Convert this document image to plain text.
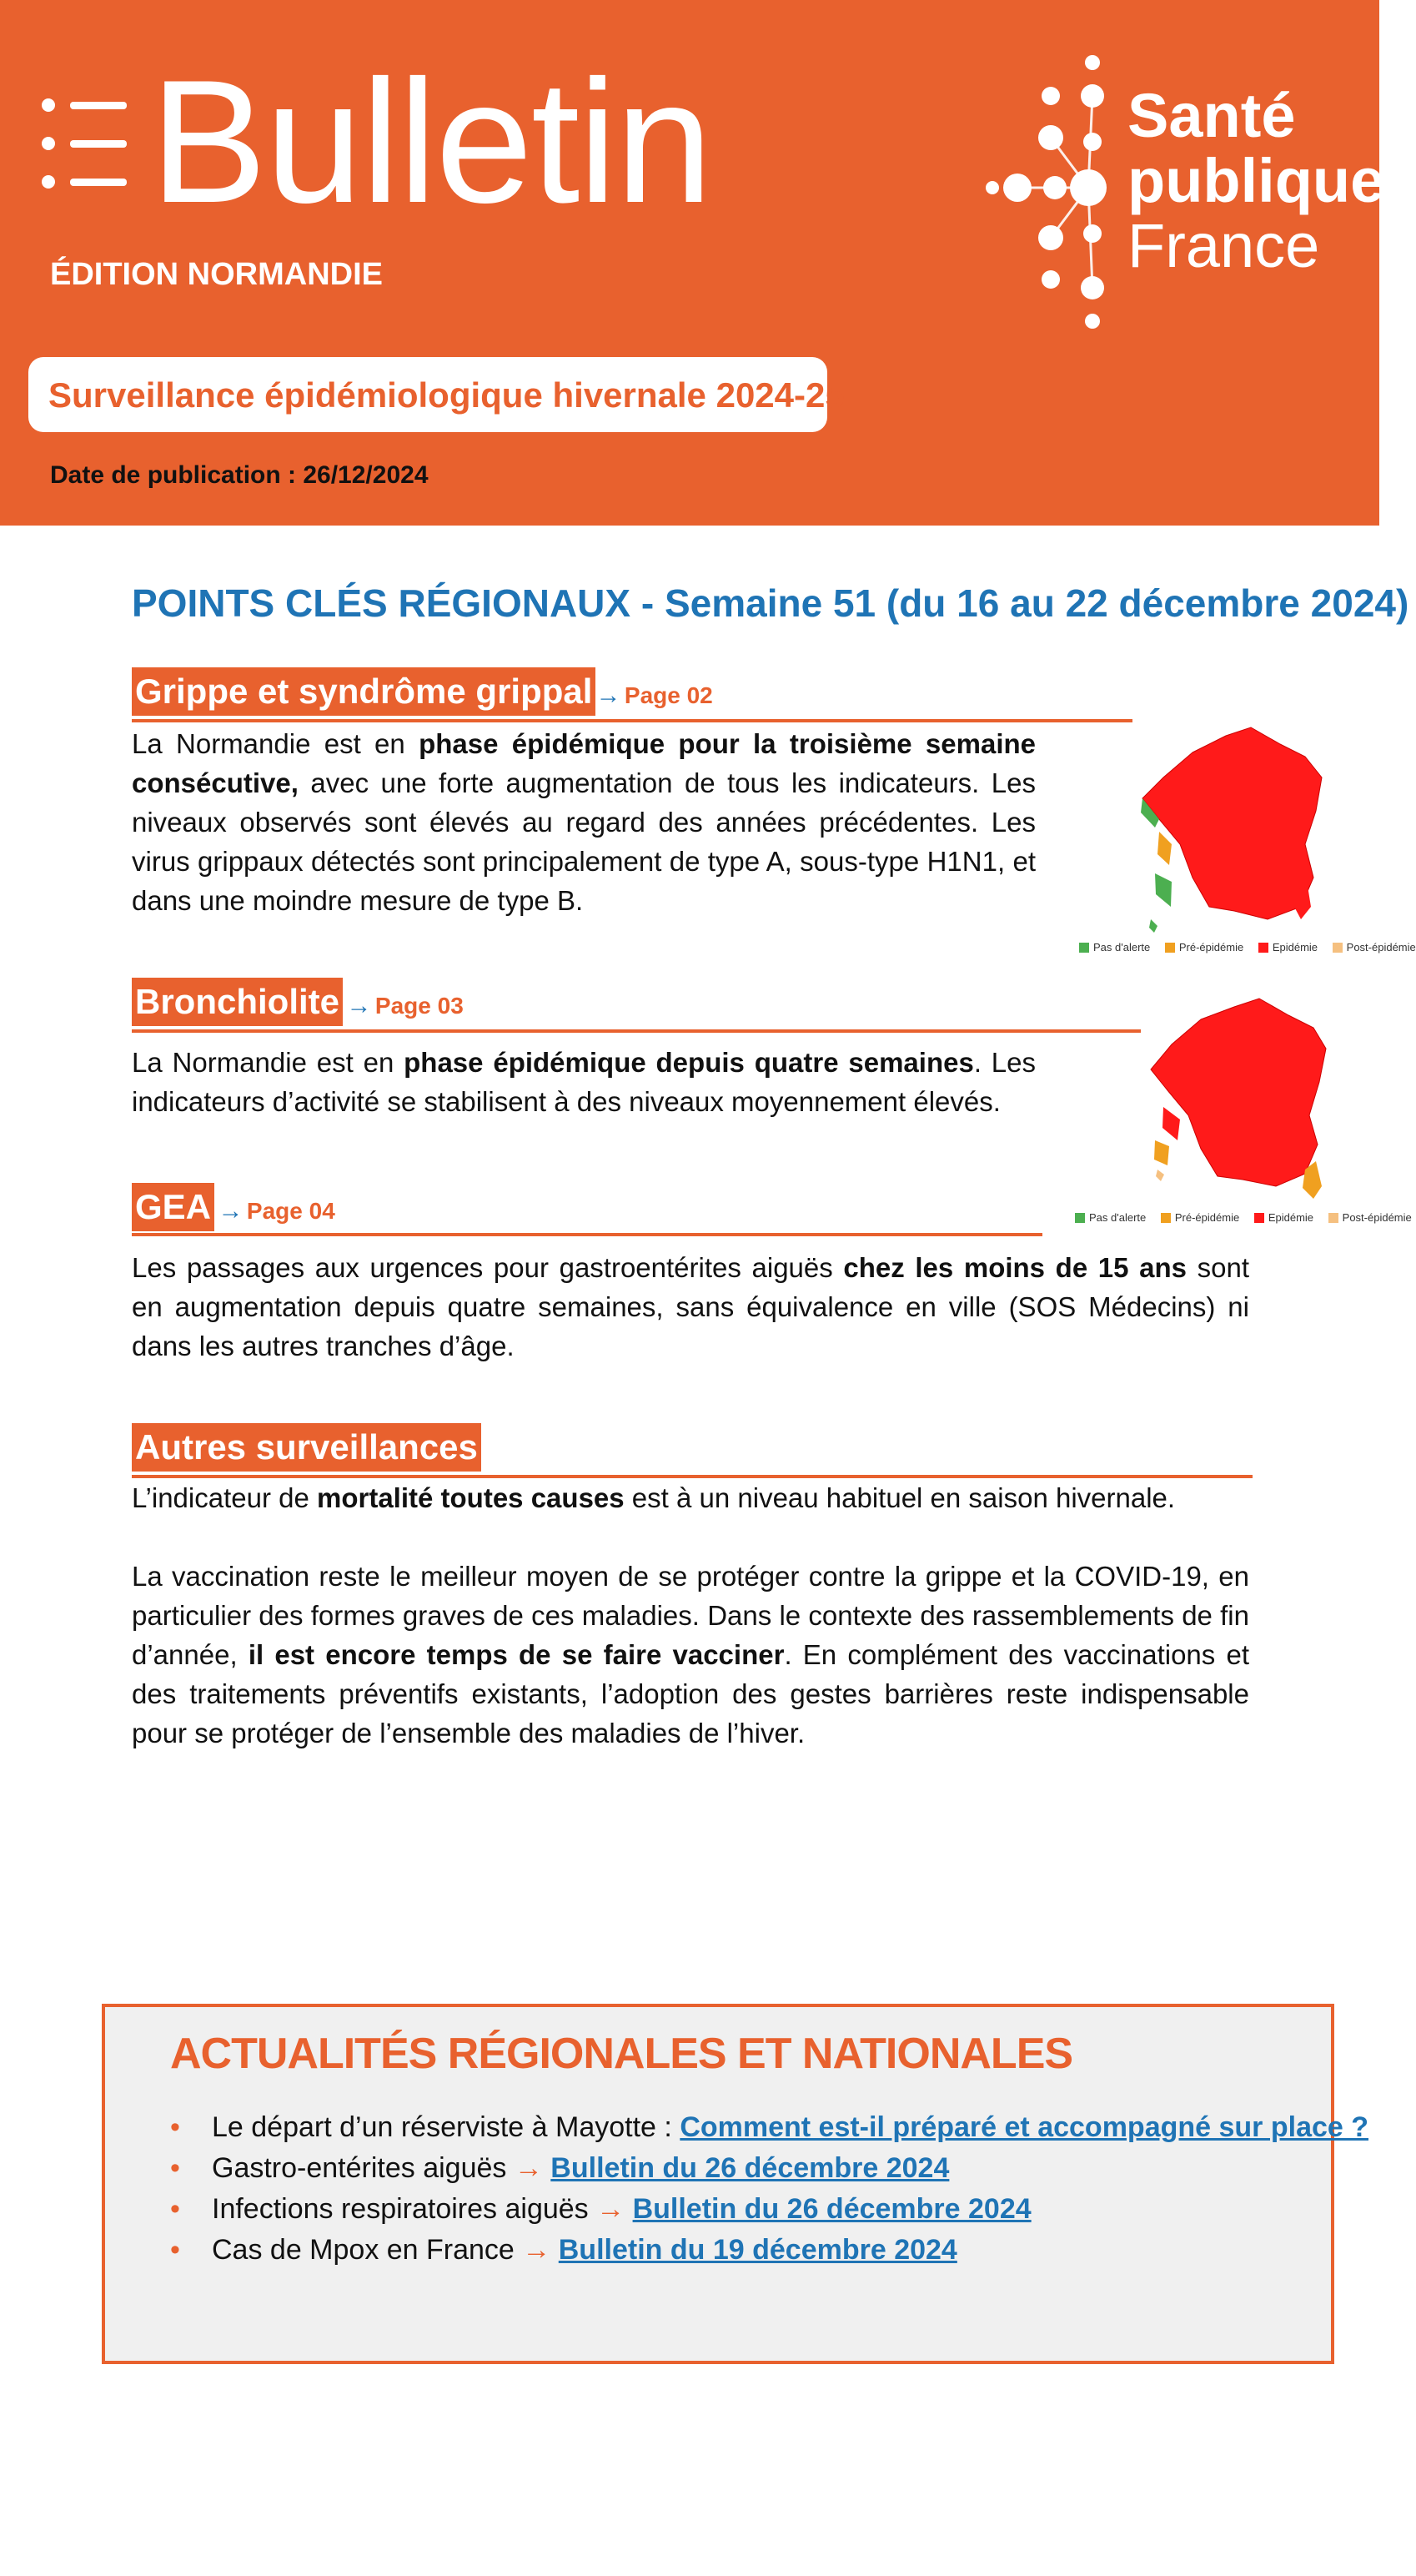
Bulletin
ÉDITION NORMANDIE
Santé
publique
France
Surveillance épidémiologique hivernale 2024-25
Date de publication : 26/12/2024
POINTS CLÉS RÉGIONAUX - Semaine 51 (du 16 au 22 décembre 2024)
Grippe et syndrôme grippal → Page 02
La Normandie est en phase épidémique pour la troisième semaine consécutive, avec une forte augmentation de tous les indicateurs. Les niveaux observés sont élevés au regard des années précédentes. Les virus grippaux détectés sont principalement de type A, sous-type H1N1, et dans une moindre mesure de type B.
Pas d'alerte	Pré-épidémie	Epidémie	Post-épidémie
Bronchiolite → Page 03
La Normandie est en phase épidémique depuis quatre semaines. Les indicateurs d’activité se stabilisent à des niveaux moyennement élevés.
Pas d'alerte	Pré-épidémie	Epidémie	Post-épidémie
GEA → Page 04
Les passages aux urgences pour gastroentérites aiguës chez les moins de 15 ans sont en augmentation depuis quatre semaines, sans équivalence en ville (SOS Médecins) ni dans les autres tranches d’âge.
Autres surveillances
L’indicateur de mortalité toutes causes est à un niveau habituel en saison hivernale.
La vaccination reste le meilleur moyen de se protéger contre la grippe et la COVID-19, en particulier des formes graves de ces maladies. Dans le contexte des rassemblements de fin d’année, il est encore temps de se faire vacciner. En complément des vaccinations et des traitements préventifs existants, l’adoption des gestes barrières reste indispensable pour se protéger de l’ensemble des maladies de l’hiver.
ACTUALITÉS RÉGIONALES ET NATIONALES
• Le départ d’un réserviste à Mayotte : Comment est-il préparé et accompagné sur place ?
• Gastro-entérites aiguës → Bulletin du 26 décembre 2024
• Infections respiratoires aiguës → Bulletin du 26 décembre 2024
• Cas de Mpox en France → Bulletin du 19 décembre 2024
